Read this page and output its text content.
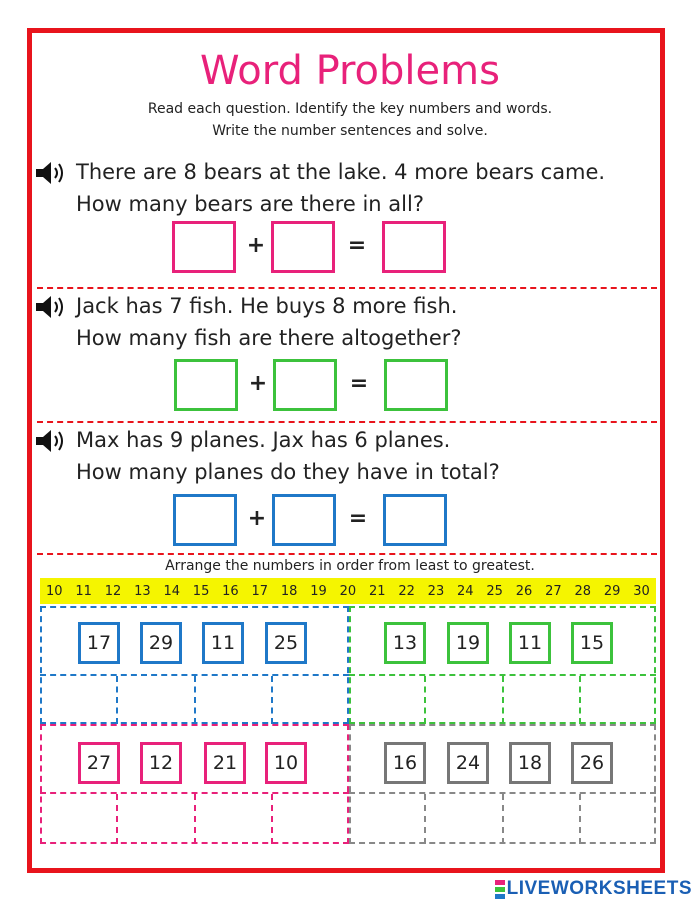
Word Problems
Read each question. Identify the key numbers and words.
Write the number sentences and solve.
There are 8 bears at the lake. 4 more bears came.
How many bears are there in all?
+	=
Jack has 7 fish. He buys 8 more fish.
How many fish are there altogether?
+	=
Max has 9 planes. Jax has 6 planes.
How many planes do they have in total?
+	=
Arrange the numbers in order from least to greatest.
10 11 12 13 14 15 16 17 18 19 20 21 22 23 24 25 26 27 28 29 30
17	29	11	25	13	19	11	15
27	12	21	10	16	24	18	26
LIVEWORKSHEETS
